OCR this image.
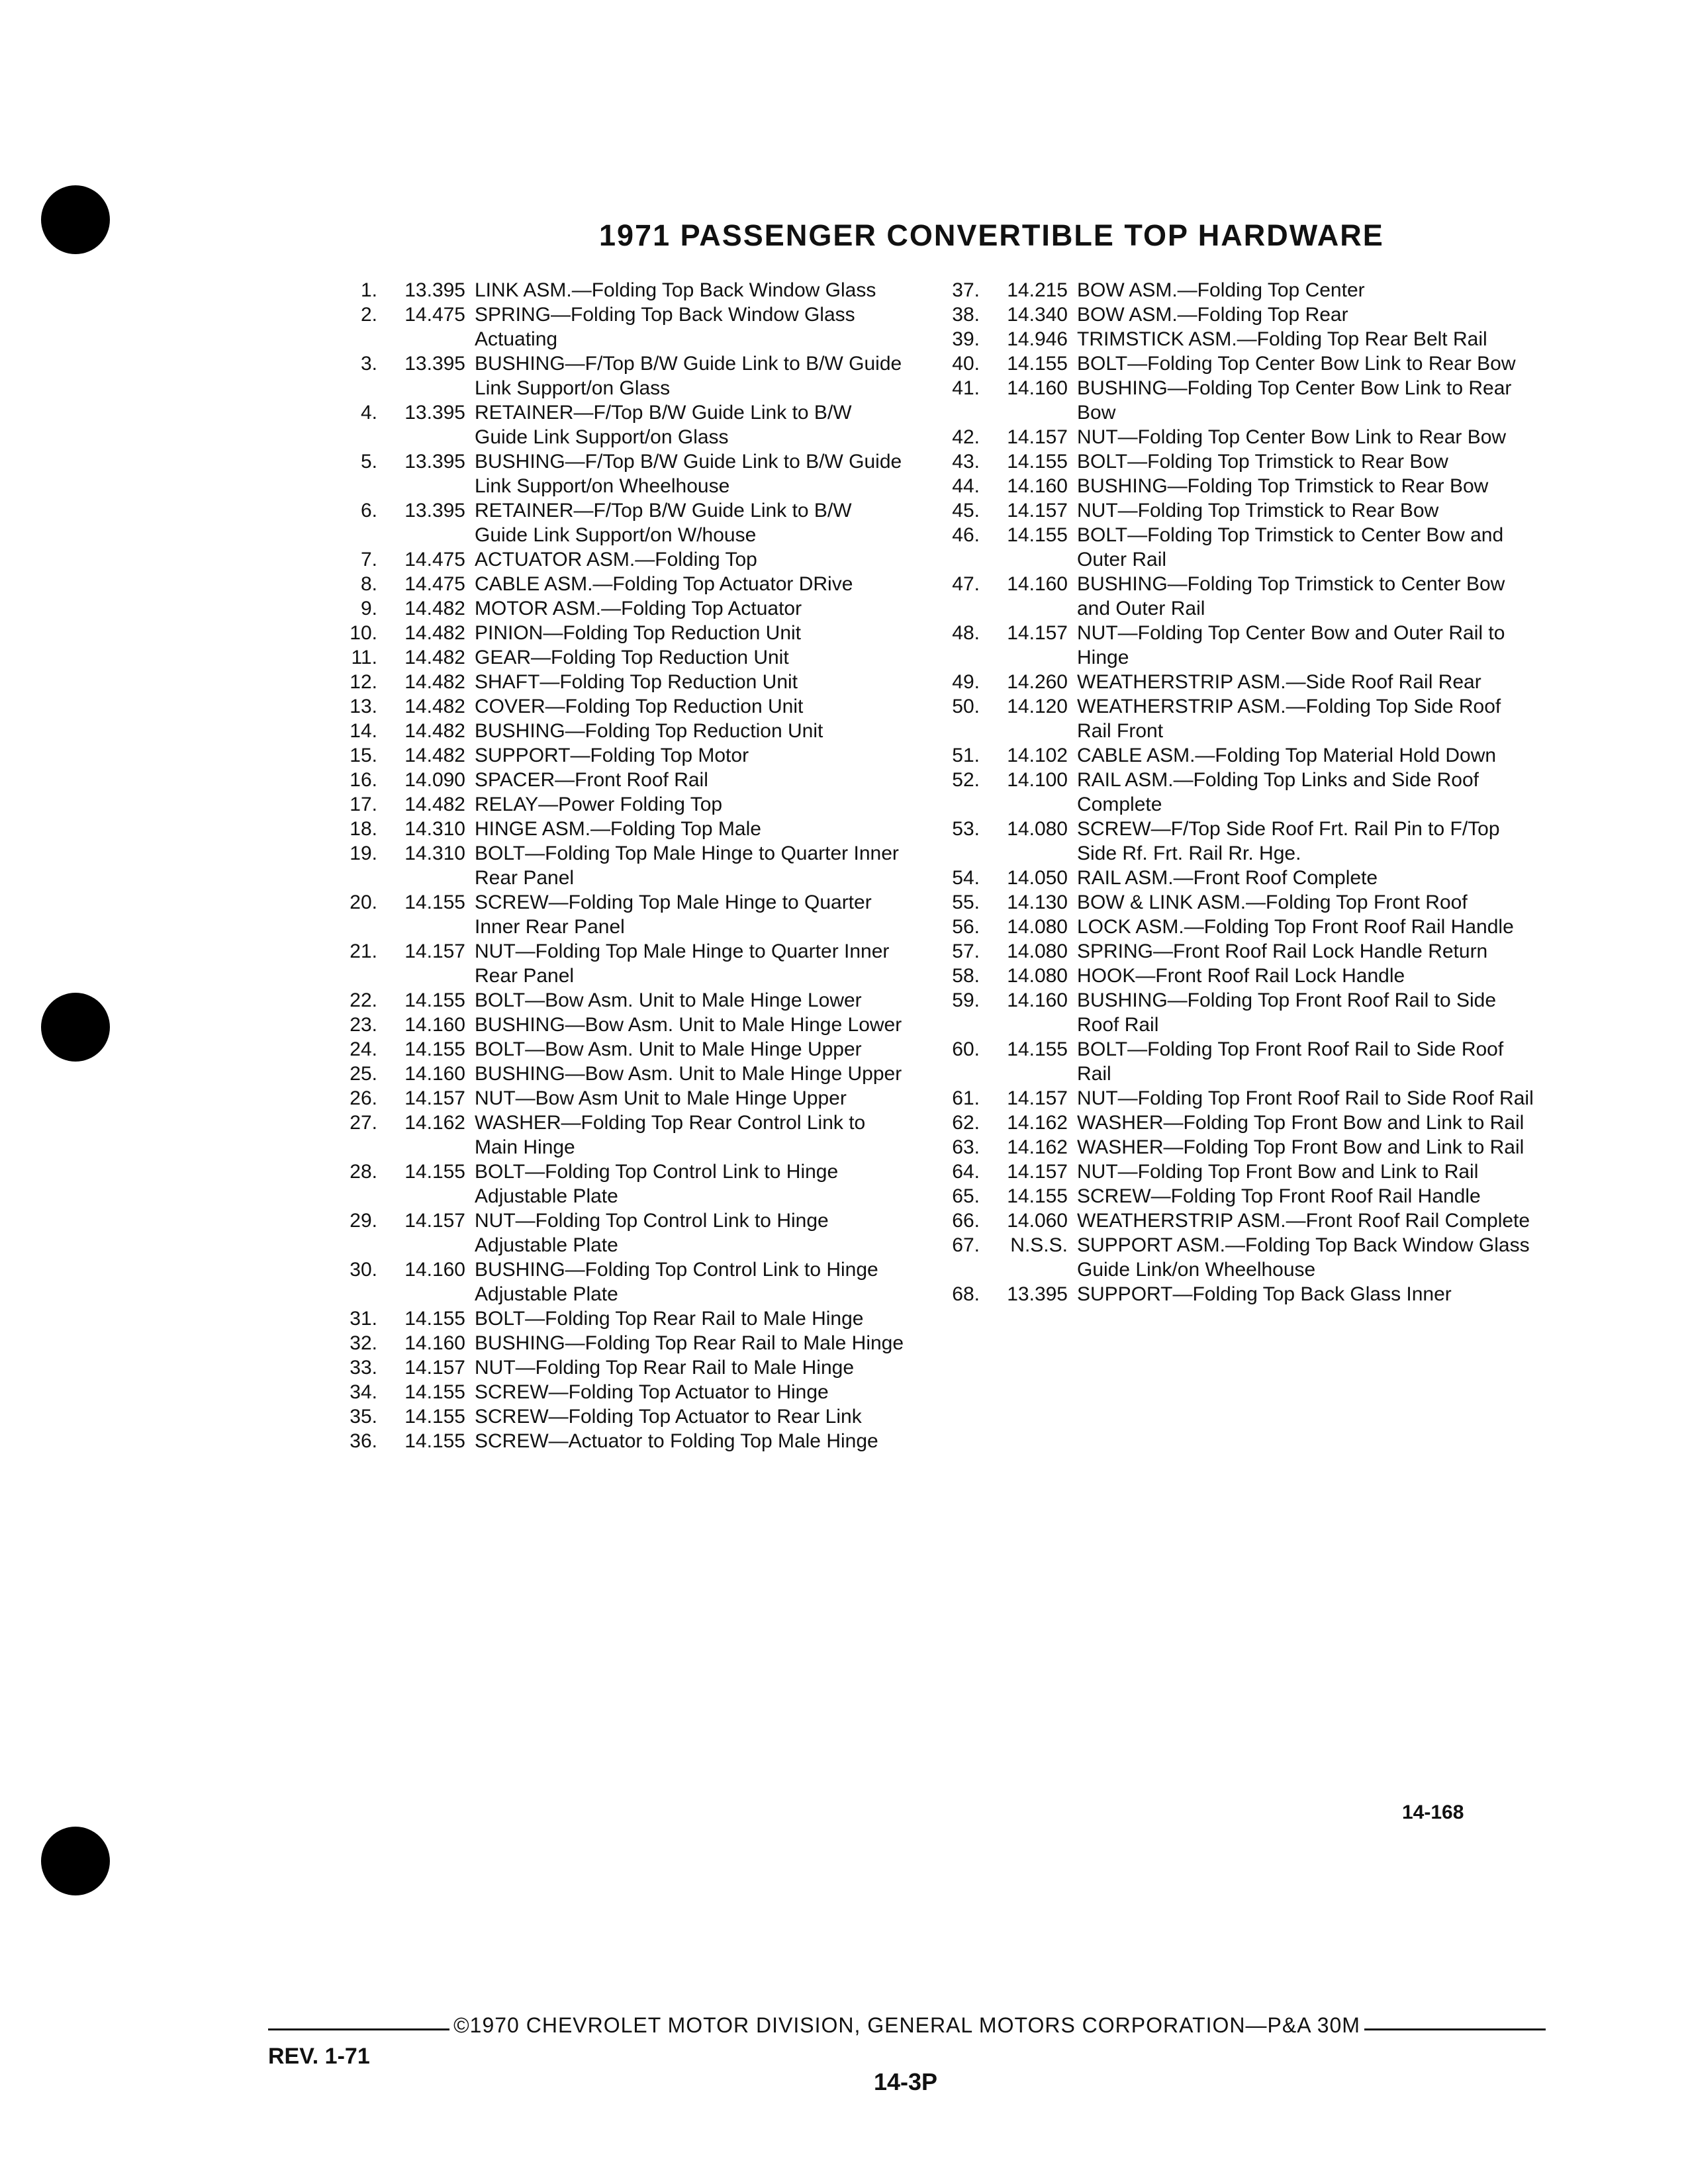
1971 PASSENGER CONVERTIBLE TOP HARDWARE
1.	13.395 LINK ASM.—Folding Top Back Window Glass
2.	14.475 SPRING—Folding Top Back Window Glass Actuating
3.	13.395 BUSHING—F/Top B/W Guide Link to B/W Guide Link Support/on Glass
4.	13.395 RETAINER—F/Top B/W Guide Link to B/W Guide Link Support/on Glass
5.	13.395 BUSHING—F/Top B/W Guide Link to B/W Guide Link Support/on Wheelhouse
6.	13.395 RETAINER—F/Top B/W Guide Link to B/W Guide Link Support/on W/house
7.	14.475 ACTUATOR ASM.—Folding Top
8.	14.475 CABLE ASM.—Folding Top Actuator DRive
9.	14.482 MOTOR ASM.—Folding Top Actuator
10.	14.482 PINION—Folding Top Reduction Unit
11.	14.482 GEAR—Folding Top Reduction Unit
12.	14.482 SHAFT—Folding Top Reduction Unit
13.	14.482 COVER—Folding Top Reduction Unit
14.	14.482 BUSHING—Folding Top Reduction Unit
15.	14.482 SUPPORT—Folding Top Motor
16.	14.090 SPACER—Front Roof Rail
17.	14.482 RELAY—Power Folding Top
18.	14.310 HINGE ASM.—Folding Top Male
19.	14.310 BOLT—Folding Top Male Hinge to Quarter Inner Rear Panel
20.	14.155 SCREW—Folding Top Male Hinge to Quarter Inner Rear Panel
21.	14.157 NUT—Folding Top Male Hinge to Quarter Inner Rear Panel
22.	14.155 BOLT—Bow Asm. Unit to Male Hinge Lower
23.	14.160 BUSHING—Bow Asm. Unit to Male Hinge Lower
24.	14.155 BOLT—Bow Asm. Unit to Male Hinge Upper
25.	14.160 BUSHING—Bow Asm. Unit to Male Hinge Upper
26.	14.157 NUT—Bow Asm Unit to Male Hinge Upper
27.	14.162 WASHER—Folding Top Rear Control Link to Main Hinge
28.	14.155 BOLT—Folding Top Control Link to Hinge Adjustable Plate
29.	14.157 NUT—Folding Top Control Link to Hinge Adjustable Plate
30.	14.160 BUSHING—Folding Top Control Link to Hinge Adjustable Plate
31.	14.155 BOLT—Folding Top Rear Rail to Male Hinge
32.	14.160 BUSHING—Folding Top Rear Rail to Male Hinge
33.	14.157 NUT—Folding Top Rear Rail to Male Hinge
34.	14.155 SCREW—Folding Top Actuator to Hinge
35.	14.155 SCREW—Folding Top Actuator to Rear Link
36.	14.155 SCREW—Actuator to Folding Top Male Hinge
37.	14.215 BOW ASM.—Folding Top Center
38.	14.340 BOW ASM.—Folding Top Rear
39.	14.946 TRIMSTICK ASM.—Folding Top Rear Belt Rail
40.	14.155 BOLT—Folding Top Center Bow Link to Rear Bow
41.	14.160 BUSHING—Folding Top Center Bow Link to Rear Bow
42.	14.157 NUT—Folding Top Center Bow Link to Rear Bow
43.	14.155 BOLT—Folding Top Trimstick to Rear Bow
44.	14.160 BUSHING—Folding Top Trimstick to Rear Bow
45.	14.157 NUT—Folding Top Trimstick to Rear Bow
46.	14.155 BOLT—Folding Top Trimstick to Center Bow and Outer Rail
47.	14.160 BUSHING—Folding Top Trimstick to Center Bow and Outer Rail
48.	14.157 NUT—Folding Top Center Bow and Outer Rail to Hinge
49.	14.260 WEATHERSTRIP ASM.—Side Roof Rail Rear
50.	14.120 WEATHERSTRIP ASM.—Folding Top Side Roof Rail Front
51.	14.102 CABLE ASM.—Folding Top Material Hold Down
52.	14.100 RAIL ASM.—Folding Top Links and Side Roof Complete
53.	14.080 SCREW—F/Top Side Roof Frt. Rail Pin to F/Top Side Rf. Frt. Rail Rr. Hge.
54.	14.050 RAIL ASM.—Front Roof Complete
55.	14.130 BOW & LINK ASM.—Folding Top Front Roof
56.	14.080 LOCK ASM.—Folding Top Front Roof Rail Handle
57.	14.080 SPRING—Front Roof Rail Lock Handle Return
58.	14.080 HOOK—Front Roof Rail Lock Handle
59.	14.160 BUSHING—Folding Top Front Roof Rail to Side Roof Rail
60.	14.155 BOLT—Folding Top Front Roof Rail to Side Roof Rail
61.	14.157 NUT—Folding Top Front Roof Rail to Side Roof Rail
62.	14.162 WASHER—Folding Top Front Bow and Link to Rail
63.	14.162 WASHER—Folding Top Front Bow and Link to Rail
64.	14.157 NUT—Folding Top Front Bow and Link to Rail
65.	14.155 SCREW—Folding Top Front Roof Rail Handle
66.	14.060 WEATHERSTRIP ASM.—Front Roof Rail Complete
67.	N.S.S. SUPPORT ASM.—Folding Top Back Window Glass Guide Link/on Wheelhouse
68.	13.395 SUPPORT—Folding Top Back Glass Inner
14-168
©1970 CHEVROLET MOTOR DIVISION, GENERAL MOTORS CORPORATION—P&A 30M
REV. 1-71
14-3P
